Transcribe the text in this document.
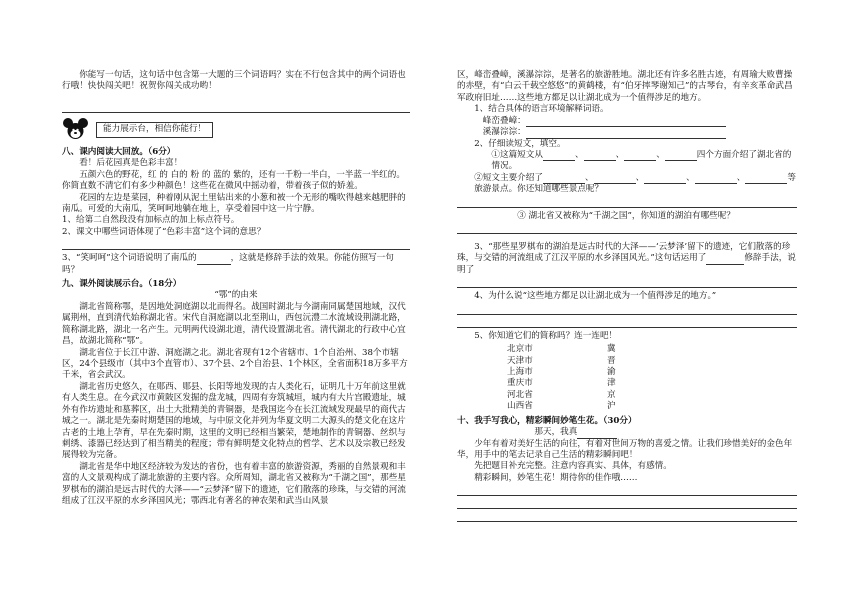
你能写一句话，这句话中包含第一大题的三个词语吗？实在不行包含其中的两个词语也行哦！快快闯关吧！祝贺你闯关成功哟！

能力展示台，相信你能行！

八、课内阅读大回放。（6分）

看！后花园真是色彩丰富！

五颜六色的野花，红 的 白的 粉 的 蓝的 紫的，还有一千粉一半白，一半蓝一半红的。你简直数不清它们有多少种颜色！这些花在微风中摇动着，带着孩子似的娇羞。

花园的左边是菜园，种着刚从泥土里钻出来的小葱和被一个无形的嘴吹得越来越肥胖的南瓜。可爱的大南瓜，笑呵呵地躺在地上，享受着园中这一片宁静。

1、给第二自然段没有加标点的加上标点符号。

2、课文中哪些词语体现了“色彩丰富”这个词的意思？

3、“笑呵呵”这个词语说明了南瓜的	，这就是修辞手法的效果。你能仿照写一句吗？

九、课外阅读展示台。（18分）

“鄂”的由来

湖北省简称鄂，是因地处洞庭湖以北而得名。战国时湖北与今湖南同属楚国地域，汉代属荆州，直到清代始称湖北省。宋代自洞庭湖以北至荆山，西包沅澧二水流域设荆湖北路，简称湖北路，湖北一名产生。元明两代设湖北道，清代设置湖北省。清代湖北的行政中心宜昌，故湖北简称“鄂”。

湖北省位于长江中游、洞庭湖之北。湖北省现有12个省辖市、1个自治州、38个市辖区，24个县级市（其中3个直管市）、37个县、2个自治县、1个林区，全省面积18万多平方千米，省会武汉。

湖北省历史悠久，在郧西、郧县、长阳等地发现的古人类化石，证明几十万年前这里就有人类生息。在今武汉市黄陂区发掘的盘龙城，四周有夯筑城垣，城内有大片宫殿遗址，城外有作坊遗址和墓葬区，出土大批精美的青铜器，是我国迄今在长江流域发现最早的商代古城之一。湖北是先秦时期楚国的地域，与中原文化并列为华夏文明二大源头的楚文化在这片古老的土地上孕育，早在先秦时期，这里的文明已经相当繁荣，楚地制作的青铜器、丝织与刺绣、漆器已经达到了相当精美的程度；带有鲜明楚文化特点的哲学、艺术以及宗教已经发展得较为完备。

湖北省是华中地区经济较为发达的省份，也有着丰富的旅游资源，秀丽的自然景观和丰富的人文景观构成了湖北旅游的主要内容。众所周知，湖北省又被称为“千湖之国”，那些星罗棋布的湖泊是远古时代的大泽——“云梦泽”留下的遗迹，它们散落的珍珠，与交错的河流组成了江汉平原的水乡泽国风光；鄂西北有著名的神农架和武当山风景

区，峰峦叠嶂，溪瀑淙淙，是著名的旅游胜地。湖北还有许多名胜古迹，有周瑜大败曹操的赤壁，有“白云千载空悠悠”的黄鹤楼，有“伯牙摔琴谢知己”的古琴台，有辛亥革命武昌军政府旧址……这些地方都足以让湖北成为一个值得涉足的地方。

1、结合具体的语言环境解释词语。

峰峦叠嶂：

溪瀑淙淙：

2、仔细读短文，填空。

①这篇短文从	、	、	、	四个方面介绍了湖北省的情况。

②短文主要介绍了	、	、	、	、	等旅游景点。你还知道哪些景点呢？

③ 湖北省又被称为“千湖之国”，你知道的湖泊有哪些呢？

3、“那些星罗棋布的湖泊是远古时代的大泽——‘云梦泽’留下的遗迹，它们散落的珍珠，与交错的河流组成了江汉平原的水乡泽国风光。”这句话运用了	修辞手法，说明了

4、为什么说“这些地方都足以让湖北成为一个值得涉足的地方。”

5、你知道它们的简称吗？连一连吧！

北京市	冀
天津市	晋
上海市	渝
重庆市	津
河北省	京
山西省	沪

十、我手写我心，精彩瞬间妙笔生花。（30分）

那天，我真

少年有着对美好生活的向往，有着对世间万物的喜爱之情。让我们珍惜美好的金色年华，用手中的笔去记录自己生活的精彩瞬间吧！

先把题目补充完整。注意内容真实、具体，有感情。

精彩瞬间，妙笔生花！期待你的佳作哦……
